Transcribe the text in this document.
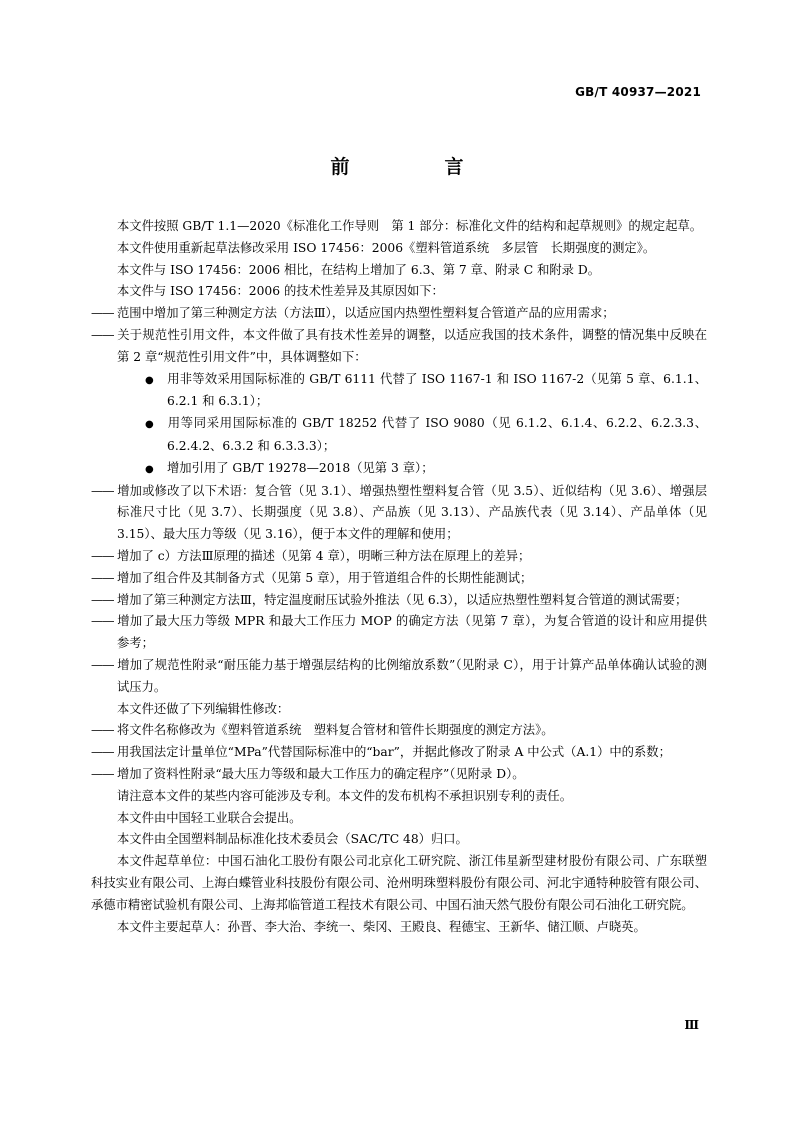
GB/T 40937—2021
前　言

本文件按照 GB/T 1.1—2020《标准化工作导则　第 1 部分：标准化文件的结构和起草规则》的规定起草。

本文件使用重新起草法修改采用 ISO 17456：2006《塑料管道系统　多层管　长期强度的测定》。

本文件与 ISO 17456：2006 相比，在结构上增加了 6.3、第 7 章、附录 C 和附录 D。

本文件与 ISO 17456：2006 的技术性差异及其原因如下：

—— 范围中增加了第三种测定方法（方法Ⅲ），以适应国内热塑性塑料复合管道产品的应用需求；

—— 关于规范性引用文件，本文件做了具有技术性差异的调整，以适应我国的技术条件，调整的情况集中反映在第 2 章“规范性引用文件”中，具体调整如下：

● 用非等效采用国际标准的 GB/T 6111 代替了 ISO 1167-1 和 ISO 1167-2（见第 5 章、6.1.1、6.2.1 和 6.3.1）；

● 用等同采用国际标准的 GB/T 18252 代替了 ISO 9080（见 6.1.2、6.1.4、6.2.2、6.2.3.3、6.2.4.2、6.3.2 和 6.3.3.3）；

● 增加引用了 GB/T 19278—2018（见第 3 章）；

—— 增加或修改了以下术语：复合管（见 3.1）、增强热塑性塑料复合管（见 3.5）、近似结构（见 3.6）、增强层标准尺寸比（见 3.7）、长期强度（见 3.8）、产品族（见 3.13）、产品族代表（见 3.14）、产品单体（见 3.15）、最大压力等级（见 3.16），便于本文件的理解和使用；

—— 增加了 c）方法Ⅲ原理的描述（见第 4 章），明晰三种方法在原理上的差异；

—— 增加了组合件及其制备方式（见第 5 章），用于管道组合件的长期性能测试；

—— 增加了第三种测定方法Ⅲ，特定温度耐压试验外推法（见 6.3），以适应热塑性塑料复合管道的测试需要；

—— 增加了最大压力等级 MPR 和最大工作压力 MOP 的确定方法（见第 7 章），为复合管道的设计和应用提供参考；

—— 增加了规范性附录“耐压能力基于增强层结构的比例缩放系数”（见附录 C），用于计算产品单体确认试验的测试压力。

本文件还做了下列编辑性修改：

—— 将文件名称修改为《塑料管道系统　塑料复合管材和管件长期强度的测定方法》。

—— 用我国法定计量单位“MPa”代替国际标准中的“bar”，并据此修改了附录 A 中公式（A.1）中的系数；

—— 增加了资料性附录“最大压力等级和最大工作压力的确定程序”（见附录 D）。

请注意本文件的某些内容可能涉及专利。本文件的发布机构不承担识别专利的责任。

本文件由中国轻工业联合会提出。

本文件由全国塑料制品标准化技术委员会（SAC/TC 48）归口。

本文件起草单位：中国石油化工股份有限公司北京化工研究院、浙江伟星新型建材股份有限公司、广东联塑科技实业有限公司、上海白蝶管业科技股份有限公司、沧州明珠塑料股份有限公司、河北宇通特种胶管有限公司、承德市精密试验机有限公司、上海邦临管道工程技术有限公司、中国石油天然气股份有限公司石油化工研究院。

本文件主要起草人：孙晋、李大治、李统一、柴冈、王殿良、程德宝、王新华、储江顺、卢晓英。

Ⅲ
